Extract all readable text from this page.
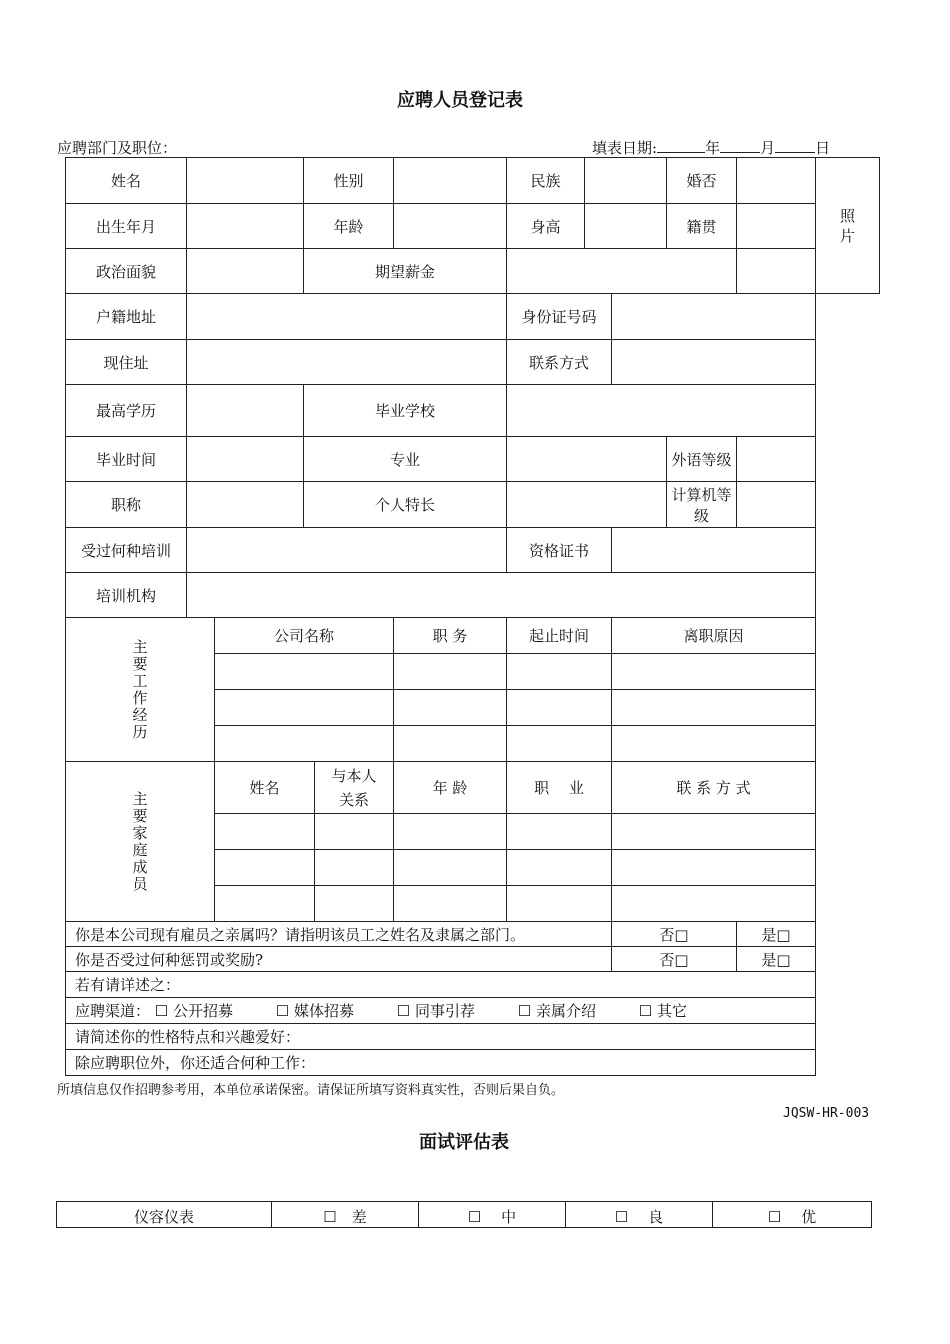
应聘人员登记表
应聘部门及职位：	填表日期:	年	月	日
姓名			性别			民族			婚否		照片
出生年月			年龄			身高			籍贯		
政治面貌			期望薪金								
户籍地址						身份证号码					
现住址						联系方式					
最高学历			毕业学校								
毕业时间			专业						外语等级		
职称			个人特长						计算机等级		
受过何种培训						资格证书					
培训机构											
主要工作经历		公司名称			职 务	起止时间		离职原因			

主要家庭成员		姓名		与本人关系	年 龄	职　 业		联 系 方 式			

你是本公司现有雇员之亲属吗？请指明该员工之姓名及隶属之部门。								否□		是□	
你是否受过何种惩罚或奖励?								否□		是□	
若有请详述之：											
应聘渠道： ☐ 公开招募 ☐ 媒体招募 ☐ 同事引荐 ☐ 亲属介绍 ☐ 其它											
请简述你的性格特点和兴趣爱好：											
除应聘职位外，你还适合何种工作：											
所填信息仅作招聘参考用，本单位承诺保密。请保证所填写资料真实性，否则后果自负。
JQSW-HR-003
面试评估表
仪容仪表	☐　差	☐　 中	☐　 良	☐　 优
